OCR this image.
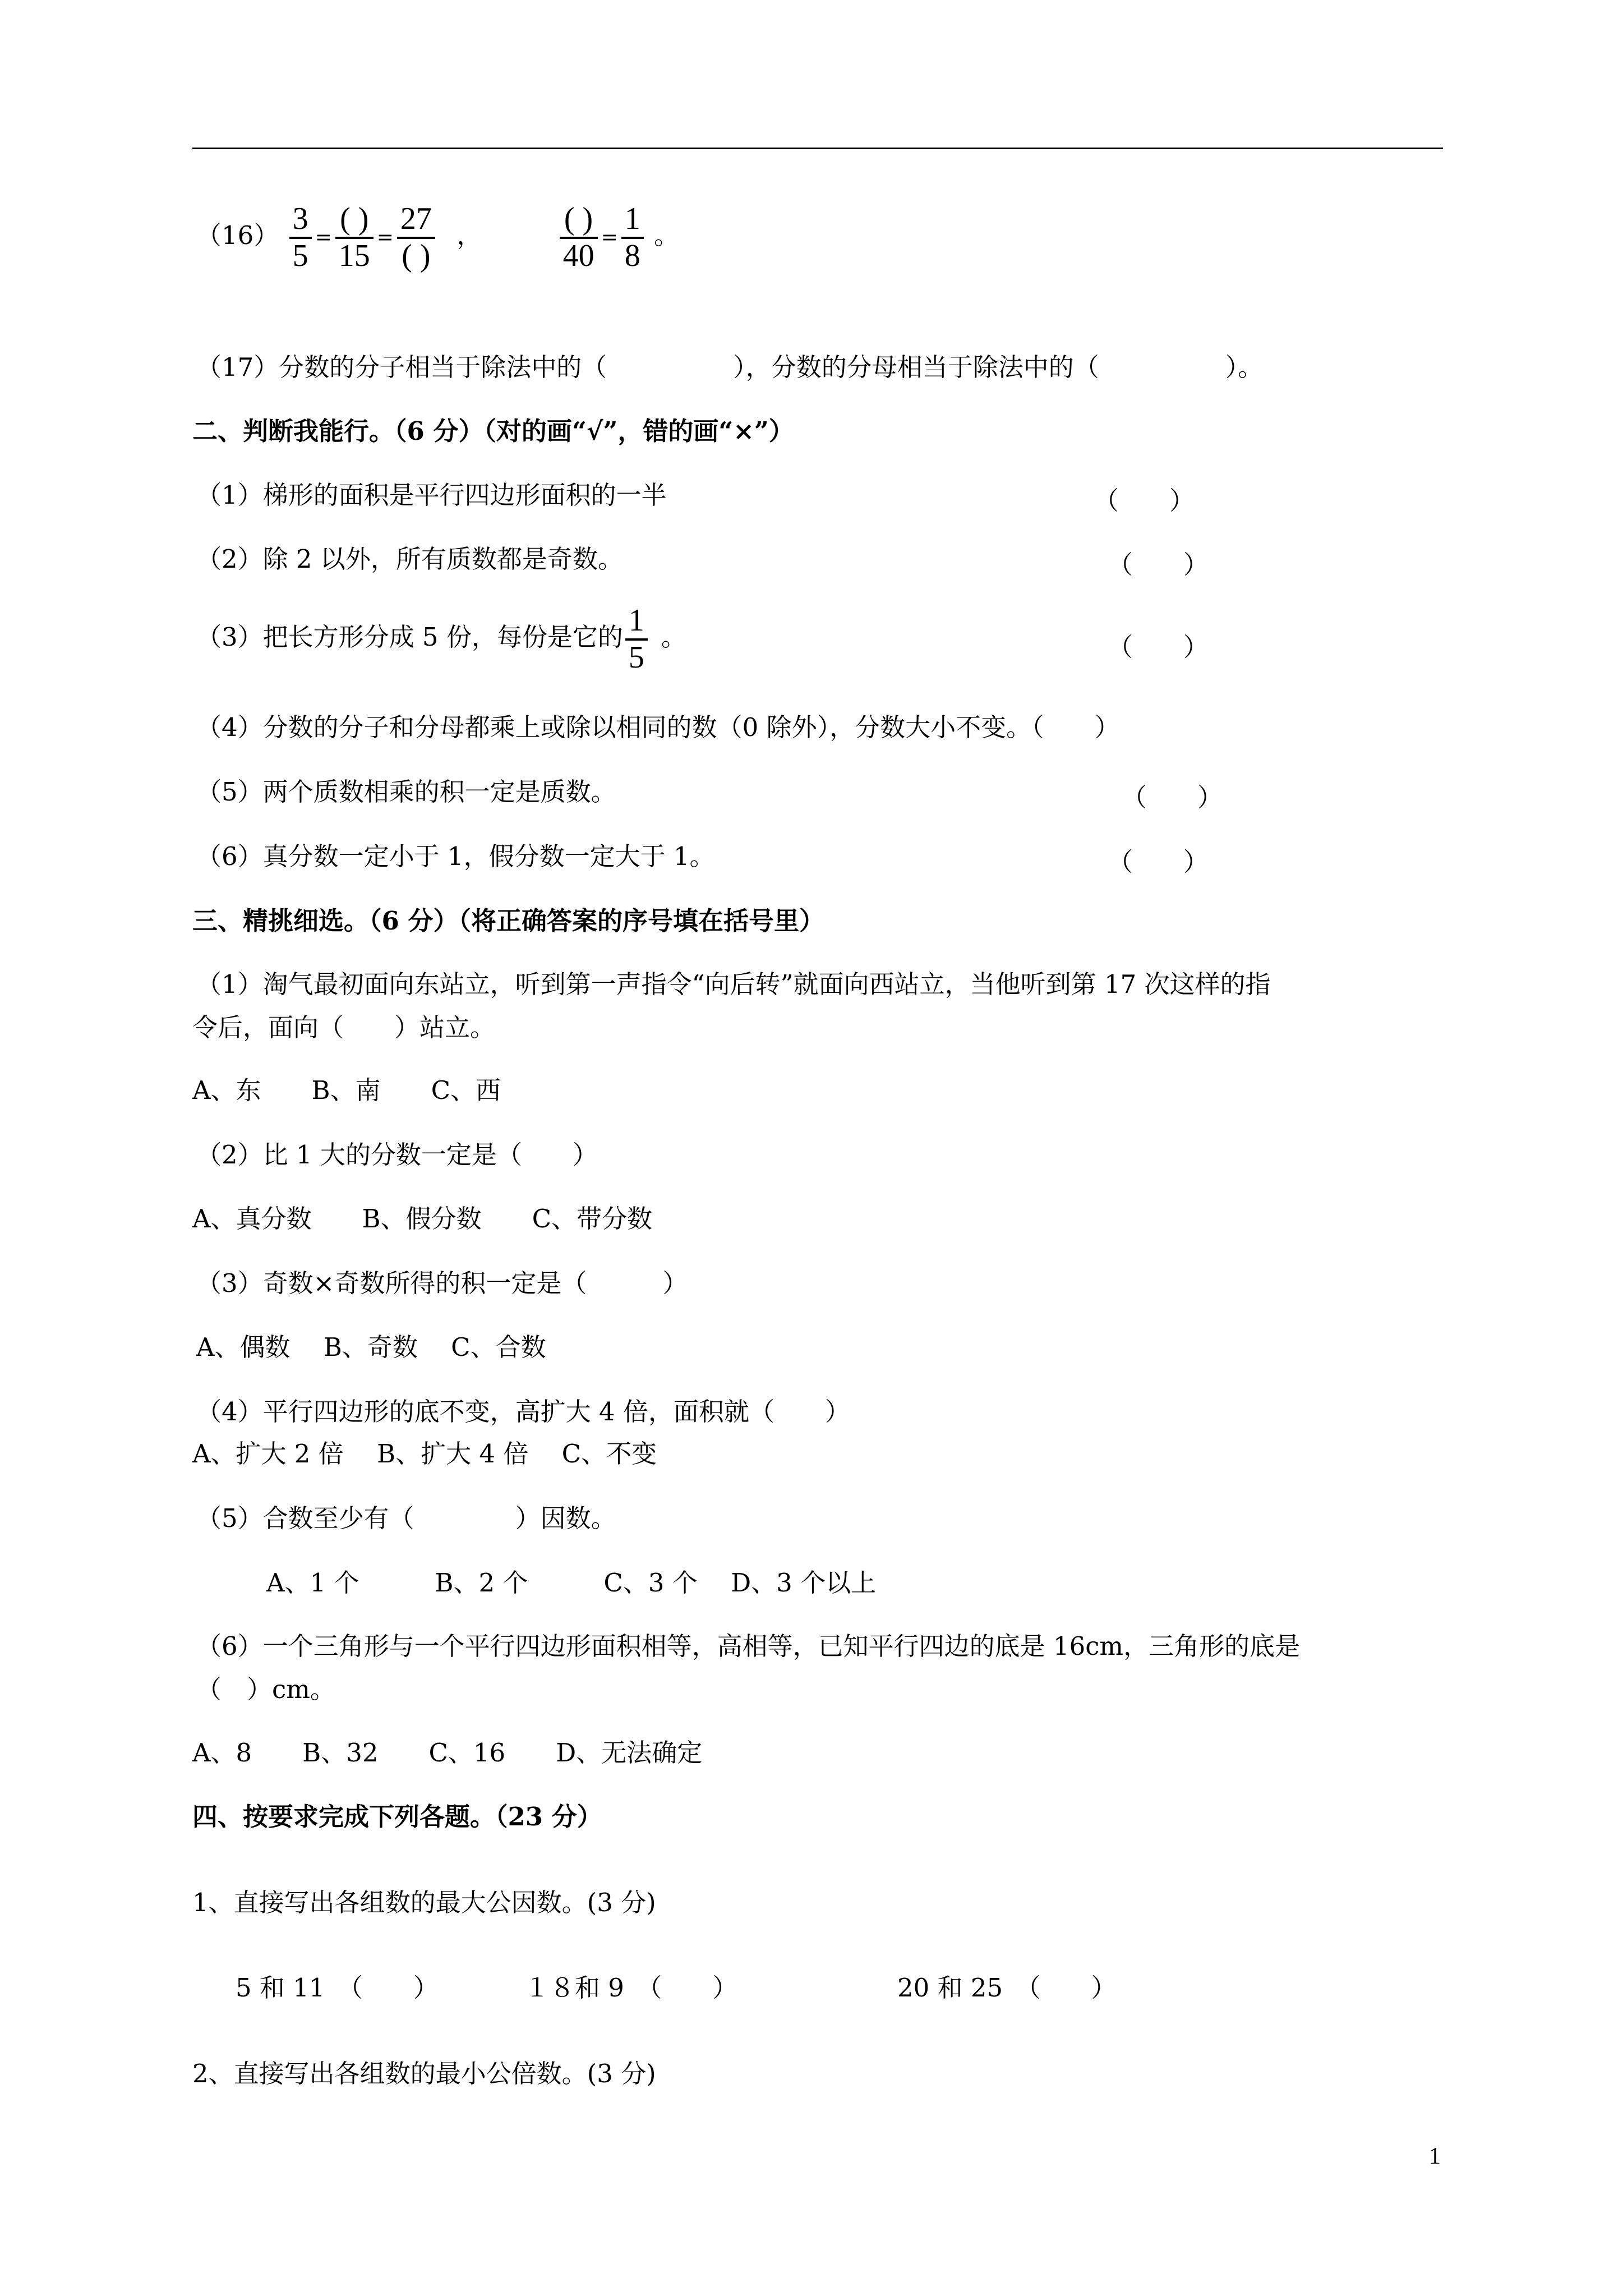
$(16) \frac{3}{5} = \frac{( )}{15} = \frac{27}{( )}$ ， $\frac{( )}{40} = \frac{1}{8}$ 。
（17）分数的分子相当于除法中的（　　　　　），分数的分母相当于除法中的（　　　　　）。
二、判断我能行。（6 分）（对的画“√”，错的画“×”）
（1）梯形的面积是平行四边形面积的一半	（　　）
（2）除 2 以外，所有质数都是奇数。	（　　）
（3）把长方形分成 5 份，每份是它的 $\frac{1}{5}$ 。	（　　）
（4）分数的分子和分母都乘上或除以相同的数（0 除外），分数大小不变。（　　）
（5）两个质数相乘的积一定是质数。	（　　）
（6）真分数一定小于 1，假分数一定大于 1。	（　　）
三、精挑细选。（6 分）（将正确答案的序号填在括号里）
（1）淘气最初面向东站立，听到第一声指令“向后转”就面向西站立，当他听到第 17 次这样的指
令后，面向（　　）站立。
A、东　　B、南　　C、西
（2）比 1 大的分数一定是（　　）
A、真分数　　B、假分数　　C、带分数
（3）奇数×奇数所得的积一定是（　　　）
A、偶数　 B、奇数　 C、合数
（4）平行四边形的底不变，高扩大 4 倍，面积就（　　）
A、扩大 2 倍　 B、扩大 4 倍　 C、不变
（5）合数至少有（　　　　）因数。
A、1 个　　　B、2 个　　　C、3 个　 D、3 个以上
（6）一个三角形与一个平行四边形面积相等，高相等，已知平行四边的底是 16cm，三角形的底是
（　）cm。
A、8　　B、32　　C、16　　D、无法确定
四、按要求完成下列各题。（23 分）
1、直接写出各组数的最大公因数。(3 分)
5 和 11　（　　）	１８和 9　（　　）	20 和 25　（　　）
2、直接写出各组数的最小公倍数。(3 分)
1
